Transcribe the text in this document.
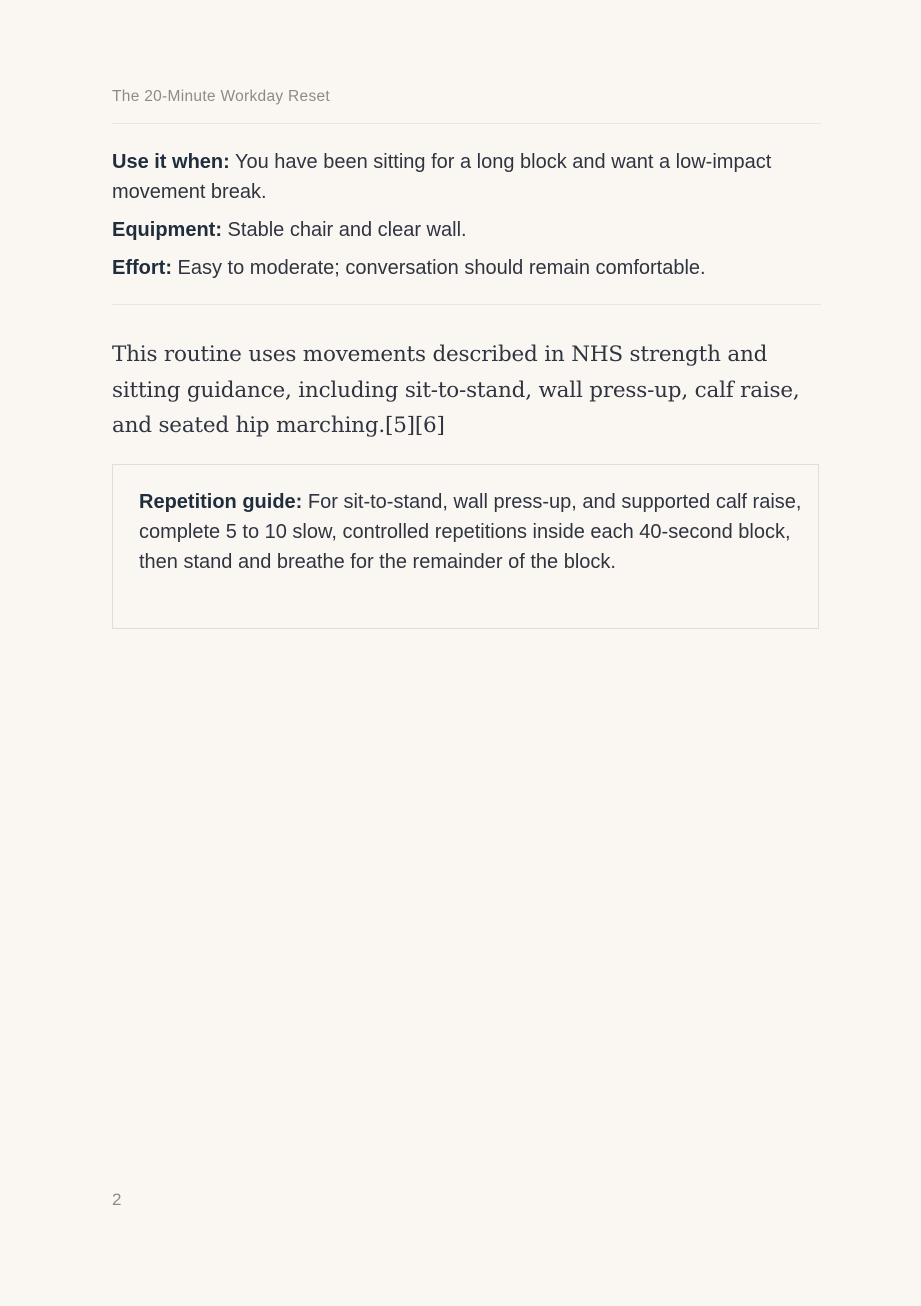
The 20-Minute Workday Reset

Use it when: You have been sitting for a long block and want a low-impact movement break.

Equipment: Stable chair and clear wall.

Effort: Easy to moderate; conversation should remain comfortable.

This routine uses movements described in NHS strength and sitting guidance, including sit-to-stand, wall press-up, calf raise, and seated hip marching.[5][6]

Repetition guide: For sit-to-stand, wall press-up, and supported calf raise, complete 5 to 10 slow, controlled repetitions inside each 40-second block, then stand and breathe for the remainder of the block.

2
